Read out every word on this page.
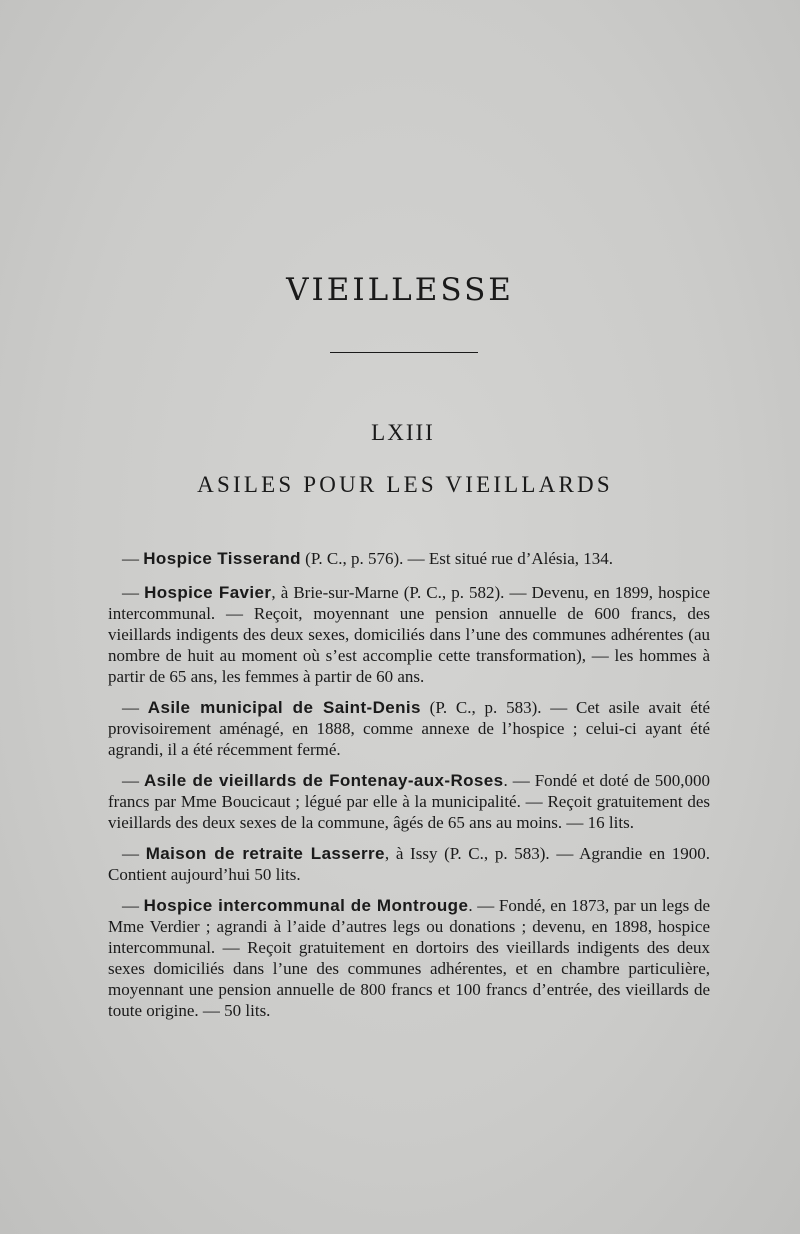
VIEILLESSE
LXIII
ASILES POUR LES VIEILLARDS

— Hospice Tisserand (P. C., p. 576). — Est situé rue d’Alésia, 134.

— Hospice Favier, à Brie-sur-Marne (P. C., p. 582). — Devenu, en 1899, hospice intercommunal. — Reçoit, moyennant une pension annuelle de 600 francs, des vieillards indigents des deux sexes, domiciliés dans l’une des communes adhérentes (au nombre de huit au moment où s’est accomplie cette transformation), — les hommes à partir de 65 ans, les femmes à partir de 60 ans.

— Asile municipal de Saint-Denis (P. C., p. 583). — Cet asile avait été provisoirement aménagé, en 1888, comme annexe de l’hospice ; celui-ci ayant été agrandi, il a été récemment fermé.

— Asile de vieillards de Fontenay-aux-Roses. — Fondé et doté de 500,000 francs par Mme Boucicaut ; légué par elle à la municipalité. — Reçoit gratuitement des vieillards des deux sexes de la commune, âgés de 65 ans au moins. — 16 lits.

— Maison de retraite Lasserre, à Issy (P. C., p. 583). — Agrandie en 1900. Contient aujourd’hui 50 lits.

— Hospice intercommunal de Montrouge. — Fondé, en 1873, par un legs de Mme Verdier ; agrandi à l’aide d’autres legs ou donations ; devenu, en 1898, hospice intercommunal. — Reçoit gratuitement en dortoirs des vieillards indigents des deux sexes domiciliés dans l’une des communes adhérentes, et en chambre particulière, moyennant une pension annuelle de 800 francs et 100 francs d’entrée, des vieillards de toute origine. — 50 lits.
